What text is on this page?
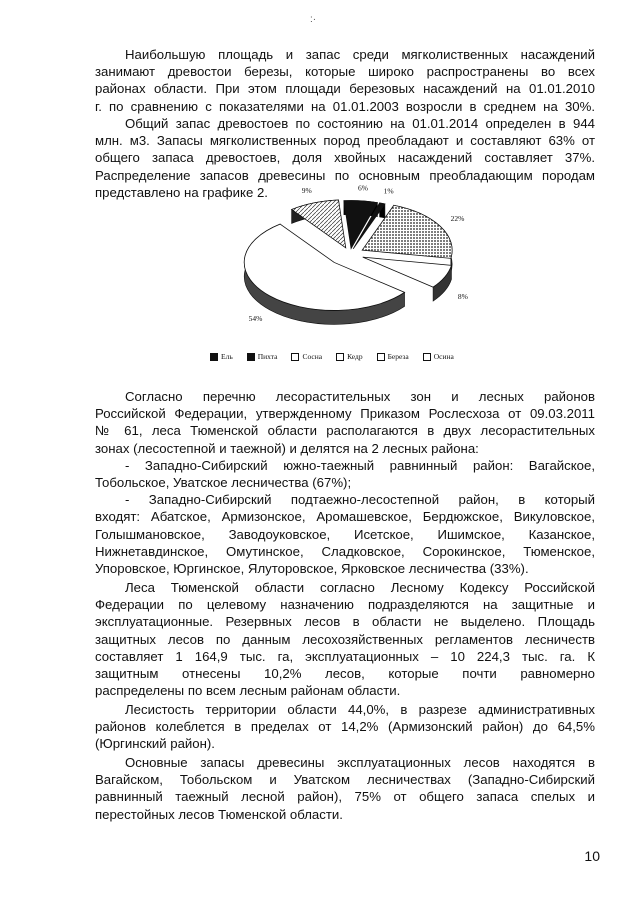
:·
Наибольшую площадь и запас среди мягколиственных насаждений
занимают древостои березы, которые широко распространены во всех
районах области. При этом площади березовых насаждений на 01.01.2010
г. по сравнению с показателями на 01.01.2003 возросли в среднем на 30%.
Общий запас древостоев по состоянию на 01.01.2014 определен в 944
млн. м3. Запасы мягколиственных пород преобладают и составляют 63% от
общего запаса древостоев, доля хвойных насаждений составляет 37%.
Распределение запасов древесины по основным преобладающим породам
представлено на графике 2.	6% 1%
22%
8%
54%
9%
Ель	Пихта	Сосна	Кедр	Береза	Осина
Согласно перечню лесорастительных зон и лесных районов
Российской Федерации, утвержденному Приказом Рослесхоза от 09.03.2011
№ 61, леса Тюменской области располагаются в двух лесорастительных
зонах (лесостепной и таежной) и делятся на 2 лесных района:
- Западно-Сибирский южно-таежный равнинный район: Вагайское,
Тобольское, Уватское лесничества (67%);
- Западно-Сибирский подтаежно-лесостепной район, в который
входят: Абатское, Армизонское, Аромашевское, Бердюжское, Викуловское,
Голышмановское, Заводоуковское, Исетское, Ишимское, Казанское,
Нижнетавдинское, Омутинское, Сладковское, Сорокинское, Тюменское,
Упоровское, Юргинское, Ялуторовское, Ярковское лесничества (33%).
Леса Тюменской области согласно Лесному Кодексу Российской
Федерации по целевому назначению подразделяются на защитные и
эксплуатационные. Резервных лесов в области не выделено. Площадь
защитных лесов по данным лесохозяйственных регламентов лесничеств
составляет 1 164,9 тыс. га, эксплуатационных – 10 224,3 тыс. га. К
защитным отнесены 10,2% лесов, которые почти равномерно
распределены по всем лесным районам области.
Лесистость территории области 44,0%, в разрезе административных
районов колеблется в пределах от 14,2% (Армизонский район) до 64,5%
(Юргинский район).
Основные запасы древесины эксплуатационных лесов находятся в
Вагайском, Тобольском и Уватском лесничествах (Западно-Сибирский
равнинный таежный лесной район), 75% от общего запаса спелых и
перестойных лесов Тюменской области.
10
